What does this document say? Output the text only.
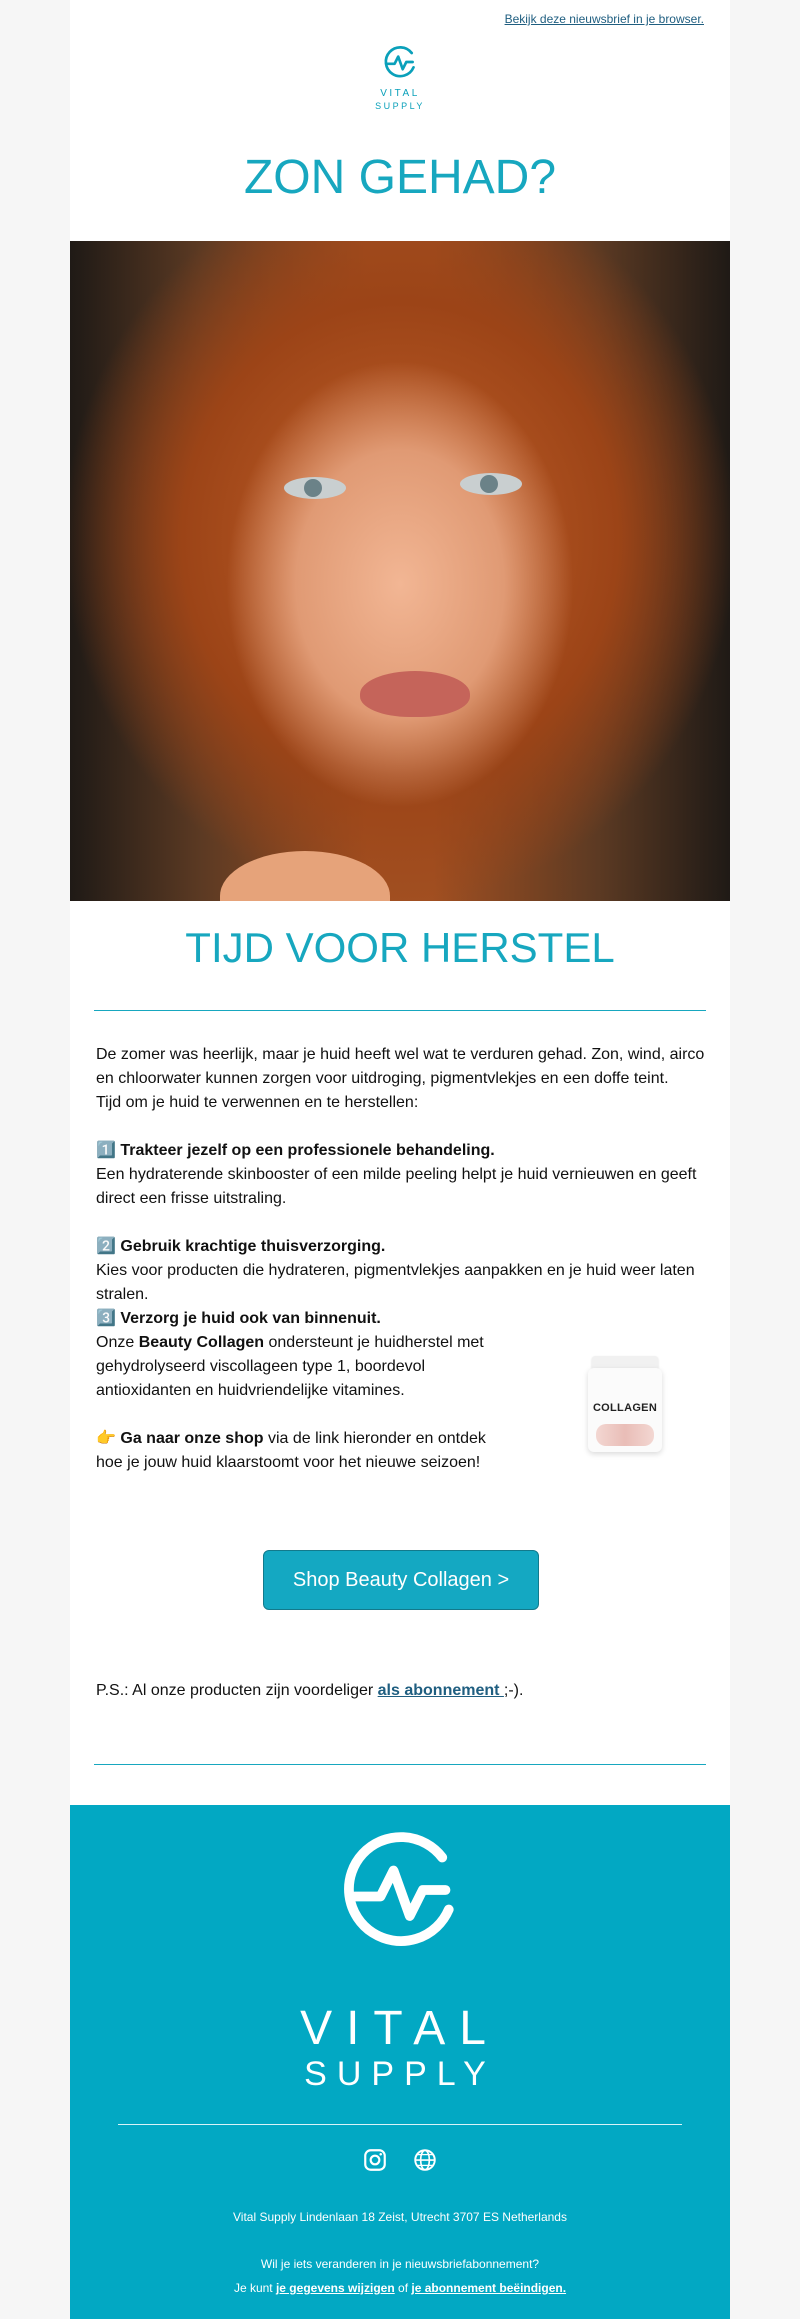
Bekijk deze nieuwsbrief in je browser.
VITAL
SUPPLY
ZON GEHAD?
TIJD VOOR HERSTEL

De zomer was heerlijk, maar je huid heeft wel wat te verduren gehad. Zon, wind, airco en chloorwater kunnen zorgen voor uitdroging, pigmentvlekjes en een doffe teint.

Tijd om je huid te verwennen en te herstellen:

1️⃣ Trakteer jezelf op een professionele behandeling.

Een hydraterende skinbooster of een milde peeling helpt je huid vernieuwen en geeft direct een frisse uitstraling.

2️⃣ Gebruik krachtige thuisverzorging.

Kies voor producten die hydrateren, pigmentvlekjes aanpakken en je huid weer laten stralen.

3️⃣ Verzorg je huid ook van binnenuit.

Onze Beauty Collagen ondersteunt je huidherstel met gehydrolyseerd viscollageen type 1, boordevol antioxidanten en huidvriendelijke vitamines.

👉 Ga naar onze shop via de link hieronder en ontdek hoe je jouw huid klaarstoomt voor het nieuwe seizoen!

COLLAGEN
Shop Beauty Collagen >
P.S.: Al onze producten zijn voordeliger als abonnement ;-).
VITAL
SUPPLY
Vital Supply Lindenlaan 18 Zeist, Utrecht 3707 ES Netherlands
Wil je iets veranderen in je nieuwsbriefabonnement?
Je kunt je gegevens wijzigen of je abonnement beëindigen.
